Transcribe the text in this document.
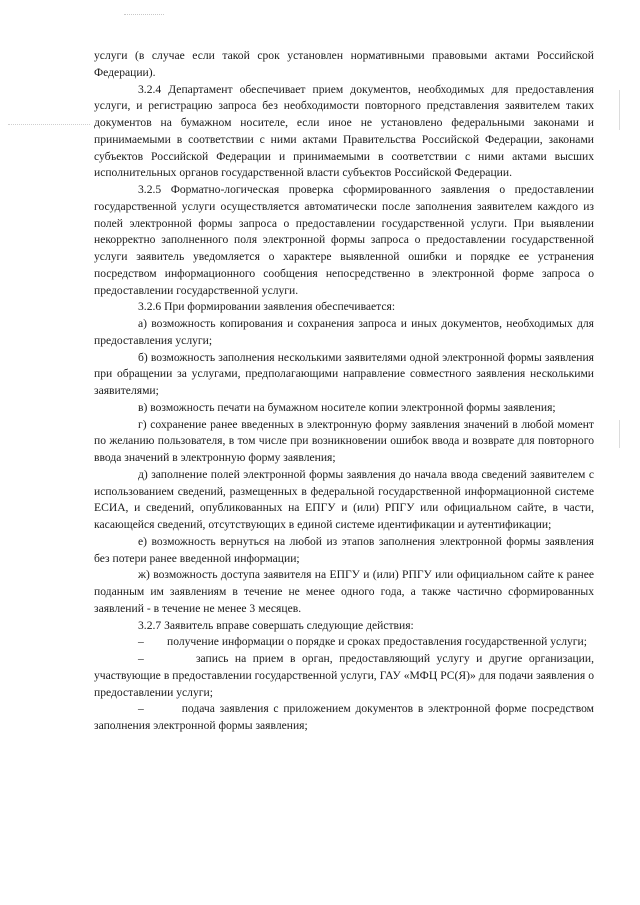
услуги (в случае если такой срок установлен нормативными правовыми актами Российской Федерации).

3.2.4 Департамент обеспечивает прием документов, необходимых для предоставления услуги, и регистрацию запроса без необходимости повторного представления заявителем таких документов на бумажном носителе, если иное не установлено федеральными законами и принимаемыми в соответствии с ними актами Правительства Российской Федерации, законами субъектов Российской Федерации и принимаемыми в соответствии с ними актами высших исполнительных органов государственной власти субъектов Российской Федерации.

3.2.5 Форматно-логическая проверка сформированного заявления о предоставлении государственной услуги осуществляется автоматически после заполнения заявителем каждого из полей электронной формы запроса о предоставлении государственной услуги. При выявлении некорректно заполненного поля электронной формы запроса о предоставлении государственной услуги заявитель уведомляется о характере выявленной ошибки и порядке ее устранения посредством информационного сообщения непосредственно в электронной форме запроса о предоставлении государственной услуги.

3.2.6 При формировании заявления обеспечивается:

а) возможность копирования и сохранения запроса и иных документов, необходимых для предоставления услуги;

б) возможность заполнения несколькими заявителями одной электронной формы заявления при обращении за услугами, предполагающими направление совместного заявления несколькими заявителями;

в) возможность печати на бумажном носителе копии электронной формы заявления;

г) сохранение ранее введенных в электронную форму заявления значений в любой момент по желанию пользователя, в том числе при возникновении ошибок ввода и возврате для повторного ввода значений в электронную форму заявления;

д) заполнение полей электронной формы заявления до начала ввода сведений заявителем с использованием сведений, размещенных в федеральной государственной информационной системе ЕСИА, и сведений, опубликованных на ЕПГУ и (или) РПГУ или официальном сайте, в части, касающейся сведений, отсутствующих в единой системе идентификации и аутентификации;

е) возможность вернуться на любой из этапов заполнения электронной формы заявления без потери ранее введенной информации;

ж) возможность доступа заявителя на ЕПГУ и (или) РПГУ или официальном сайте к ранее поданным им заявлениям в течение не менее одного года, а также частично сформированных заявлений - в течение не менее 3 месяцев.

3.2.7 Заявитель вправе совершать следующие действия:

–        получение информации о порядке и сроках предоставления государственной услуги;

–        запись на прием в орган, предоставляющий услугу и другие организации, участвующие в предоставлении государственной услуги, ГАУ «МФЦ РС(Я)» для подачи заявления о предоставлении услуги;

–        подача заявления с приложением документов в электронной форме посредством заполнения электронной формы заявления;
